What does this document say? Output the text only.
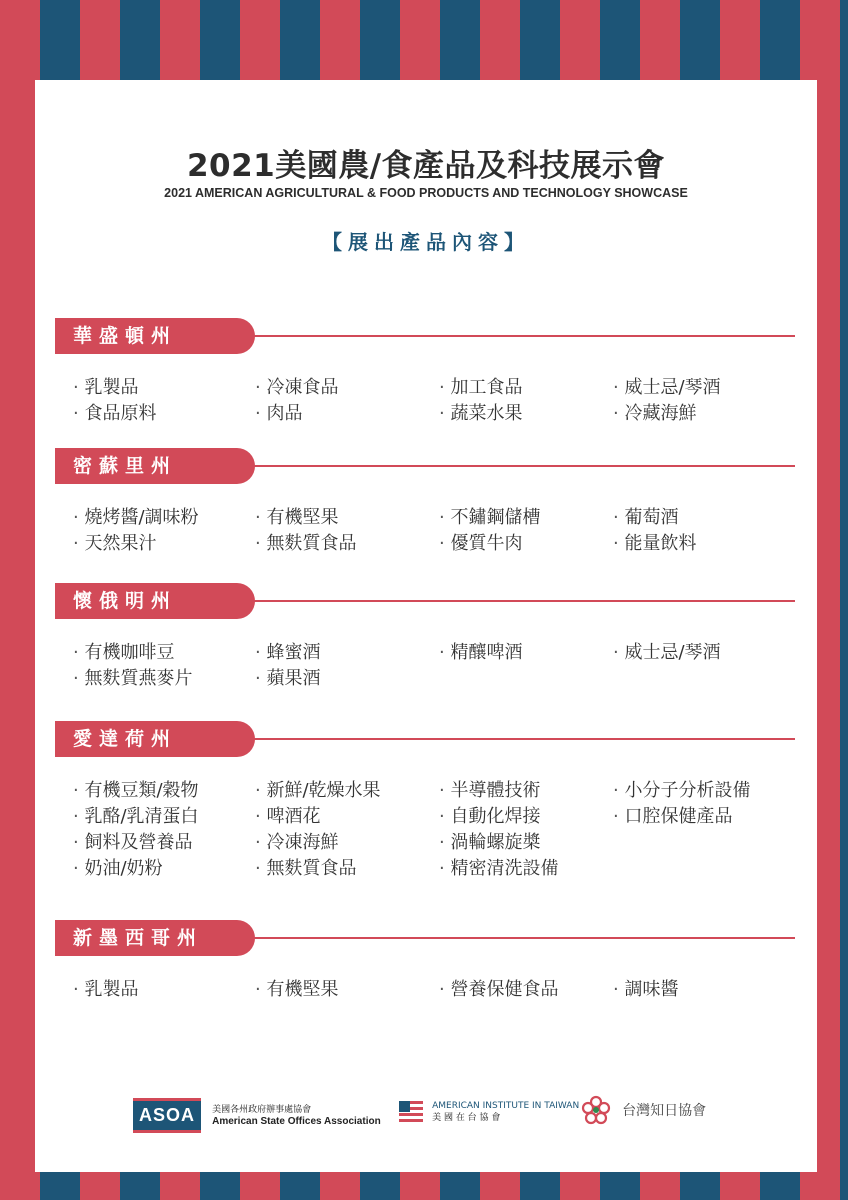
2021美國農/食產品及科技展示會
2021 AMERICAN AGRICULTURAL & FOOD PRODUCTS AND TECHNOLOGY SHOWCASE
【展出產品內容】
華盛頓州
· 乳製品
· 食品原料
· 冷凍食品
· 肉品
· 加工食品
· 蔬菜水果
· 威士忌/琴酒
· 冷藏海鮮
密蘇里州
· 燒烤醬/調味粉
· 天然果汁
· 有機堅果
· 無麩質食品
· 不鏽鋼儲槽
· 優質牛肉
· 葡萄酒
· 能量飲料
懷俄明州
· 有機咖啡豆
· 無麩質燕麥片
· 蜂蜜酒
· 蘋果酒
· 精釀啤酒	· 威士忌/琴酒
愛達荷州
· 有機豆類/穀物
· 乳酪/乳清蛋白
· 飼料及營養品
· 奶油/奶粉
· 新鮮/乾燥水果
· 啤酒花
· 冷凍海鮮
· 無麩質食品
· 半導體技術
· 自動化焊接
· 渦輪螺旋槳
· 精密清洗設備
· 小分子分析設備
· 口腔保健產品
新墨西哥州
· 乳製品	· 有機堅果	· 營養保健食品	· 調味醬
ASOA 美國各州政府辦事處協會
American State Offices Association
AMERICAN INSTITUTE IN TAIWAN
美 國 在 台 協 會	台灣知日協會
